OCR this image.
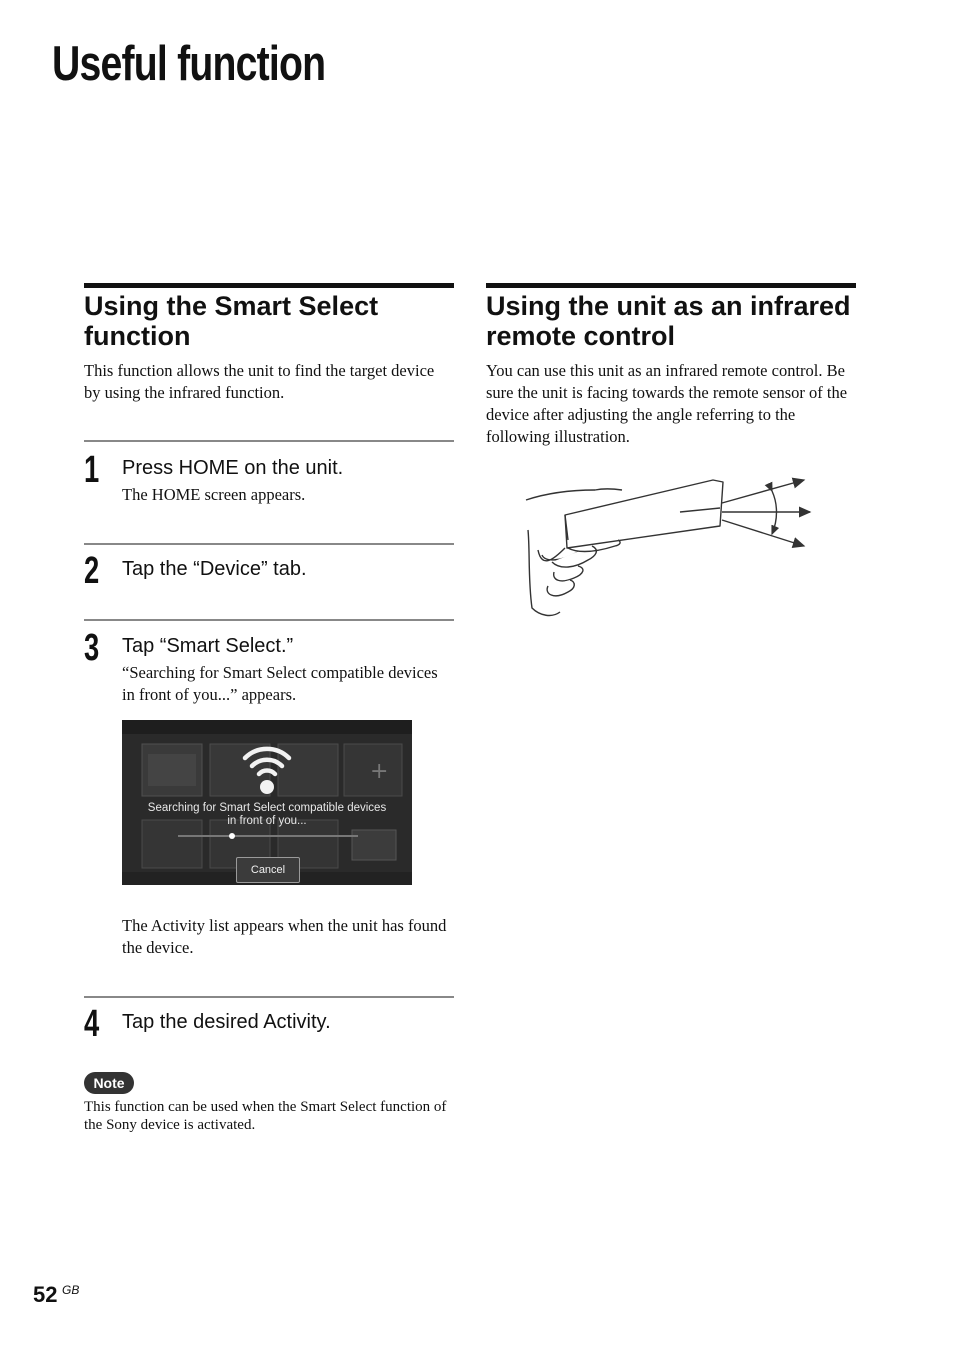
Useful function
Using the Smart Select function

This function allows the unit to find the target device by using the infrared function.

1 Press HOME on the unit.

The HOME screen appears.

2 Tap the “Device” tab.

3 Tap “Smart Select.”

“Searching for Smart Select compatible devices in front of you...” appears.

+
Searching for Smart Select compatible devices in front of you...
Cancel

The Activity list appears when the unit has found the device.

4 Tap the desired Activity.

Note

This function can be used when the Smart Select function of the Sony device is activated.

Using the unit as an infrared remote control

You can use this unit as an infrared remote control. Be sure the unit is facing towards the remote sensor of the device after adjusting the angle referring to the following illustration.

52 GB
